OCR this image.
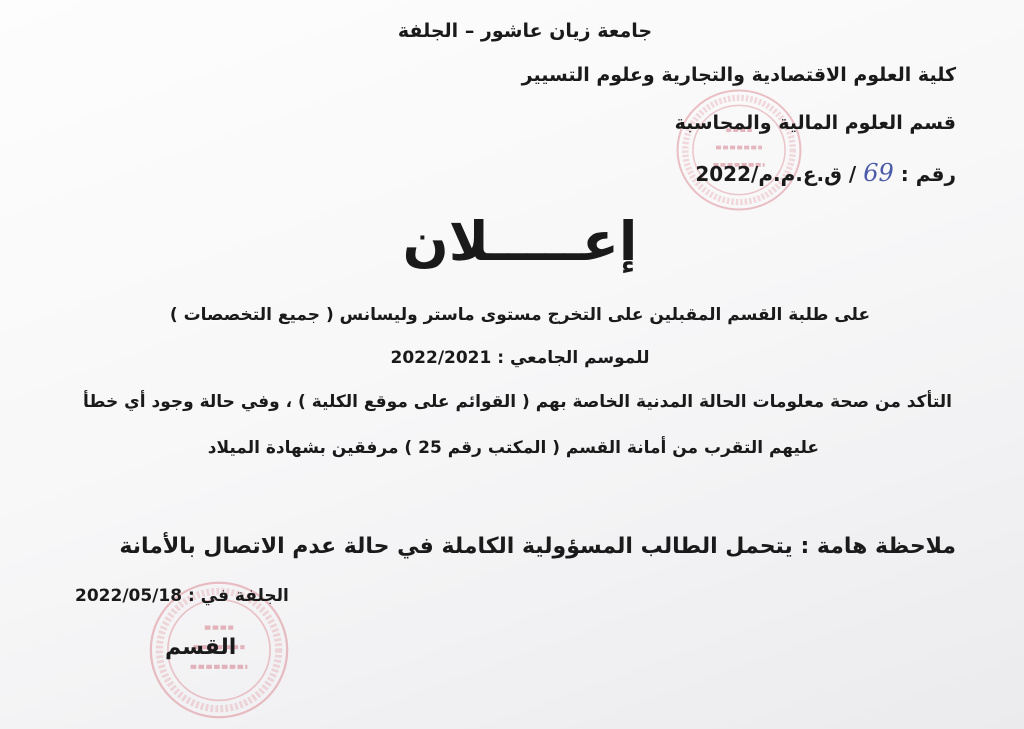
جامعة زيان عاشور – الجلفة
كلية العلوم الاقتصادية والتجارية وعلوم التسيير
قسم العلوم المالية والمحاسبة
رقم : 69 / ق.ع.م.م/2022
إعـــــلان
على طلبة القسم المقبلين على التخرج مستوى ماستر وليسانس ( جميع التخصصات )
للموسم الجامعي : 2022/2021
التأكد من صحة معلومات الحالة المدنية الخاصة بهم ( القوائم على موقع الكلية ) ، وفي حالة وجود أي خطأ
عليهم التقرب من أمانة القسم ( المكتب رقم 25 ) مرفقين بشهادة الميلاد
ملاحظة هامة : يتحمل الطالب المسؤولية الكاملة في حالة عدم الاتصال بالأمانة
الجلفة في : 2022/05/18
القسم
